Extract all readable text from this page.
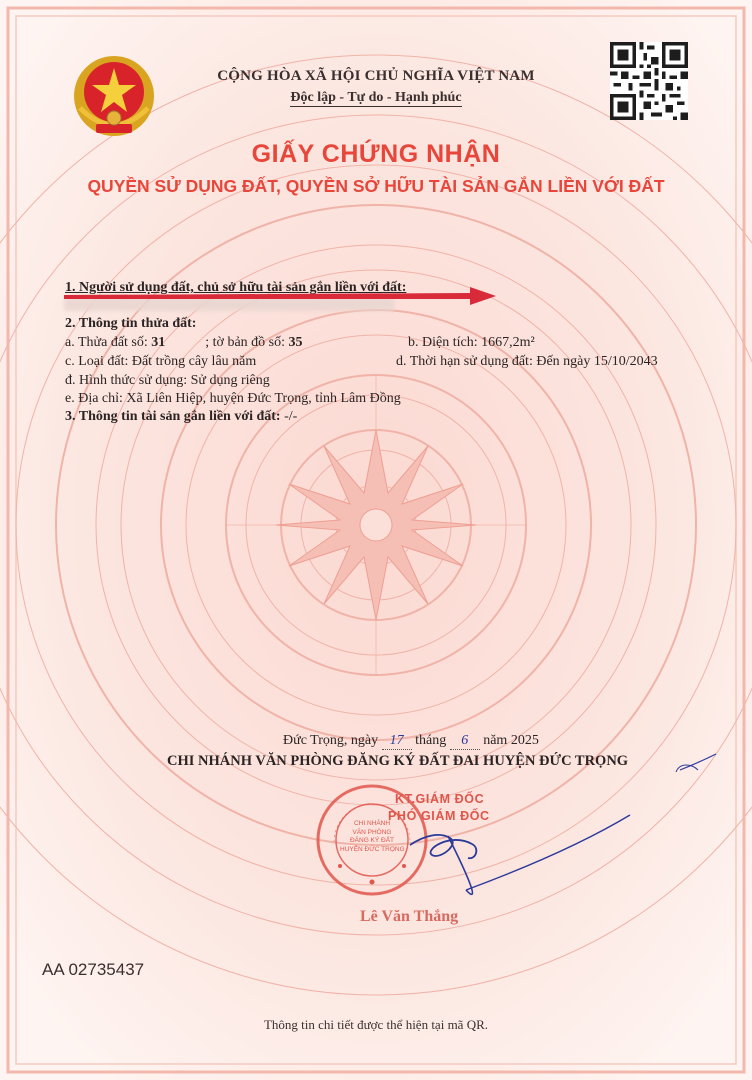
CỘNG HÒA XÃ HỘI CHỦ NGHĨA VIỆT NAM
Độc lập - Tự do - Hạnh phúc
GIẤY CHỨNG NHẬN
QUYỀN SỬ DỤNG ĐẤT, QUYỀN SỞ HỮU TÀI SẢN GẮN LIỀN VỚI ĐẤT
1. Người sử dụng đất, chủ sở hữu tài sản gắn liền với đất:
2. Thông tin thửa đất:
a. Thửa đất số: 31	; tờ bản đồ số: 35	b. Diện tích: 1667,2m²
c. Loại đất: Đất trồng cây lâu năm	d. Thời hạn sử dụng đất: Đến ngày 15/10/2043
đ. Hình thức sử dụng: Sử dụng riêng
e. Địa chỉ: Xã Liên Hiệp, huyện Đức Trọng, tỉnh Lâm Đồng
3. Thông tin tài sản gắn liền với đất: -/-
Đức Trọng, ngày 17 tháng 6 năm 2025
CHI NHÁNH VĂN PHÒNG ĐĂNG KÝ ĐẤT ĐAI HUYỆN ĐỨC TRỌNG
CHI NHÁNH
VĂN PHÒNG
ĐĂNG KÝ ĐẤT
HUYỆN ĐỨC TRỌNG
KT.GIÁM ĐỐC
PHÓ GIÁM ĐỐC
Lê Văn Thắng
AA 02735437
Thông tin chi tiết được thể hiện tại mã QR.
